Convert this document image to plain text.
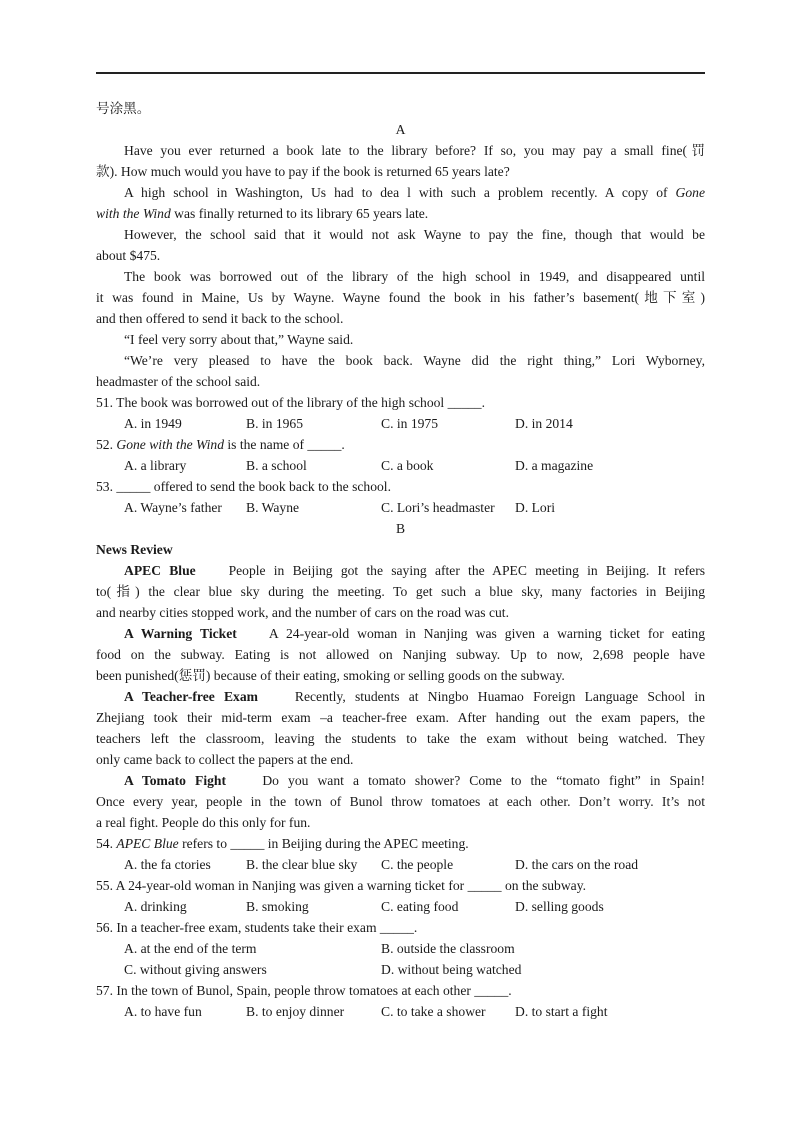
号涂黑。
A
Have you ever returned a book late to the library before? If so, you may pay a small fine(罚
款). How much would you have to pay if the book is returned 65 years late?
A high school in Washington, Us had to dea l with such a problem recently. A copy of Gone
with the Wind was finally returned to its library 65 years late.
However, the school said that it would not ask Wayne to pay the fine, though that would be
about $475.
The book was borrowed out of the library of the high school in 1949, and disappeared until
it was found in Maine, Us by Wayne. Wayne found the book in his father’s basement(地下室)
and then offered to send it back to the school.
“I feel very sorry about that,” Wayne said.
“We’re very pleased to have the book back. Wayne did the right thing,” Lori Wyborney,
headmaster of the school said.
51. The book was borrowed out of the library of the high school _____.
A. in 1949	B. in 1965	C. in 1975	D. in 2014
52. Gone with the Wind is the name of _____.
A. a library	B. a school	C. a book	D. a magazine
53. _____ offered to send the book back to the school.
A. Wayne’s father B. Wayne	C. Lori’s headmaster D. Lori
B
News Review
APEC Blue People in Beijing got the saying after the APEC meeting in Beijing. It refers
to(指) the clear blue sky during the meeting. To get such a blue sky, many factories in Beijing
and nearby cities stopped work, and the number of cars on the road was cut.
A Warning Ticket A 24-year-old woman in Nanjing was given a warning ticket for eating
food on the subway. Eating is not allowed on Nanjing subway. Up to now, 2,698 people have
been punished(惩罚) because of their eating, smoking or selling goods on the subway.
A Teacher-free Exam	Recently, students at Ningbo Huamao Foreign Language School in
Zhejiang took their mid-term exam –a teacher-free exam. After handing out the exam papers, the
teachers left the classroom, leaving the students to take the exam without being watched. They
only came back to collect the papers at the end.
A Tomato Fight	Do you want a tomato shower? Come to the “tomato fight” in Spain!
Once every year, people in the town of Bunol throw tomatoes at each other. Don’t worry. It’s not
a real fight. People do this only for fun.
54. APEC Blue refers to _____ in Beijing during the APEC meeting.
A. the fa ctories	B. the clear blue sky C. the people	D. the cars on the road
55. A 24-year-old woman in Nanjing was given a warning ticket for _____ on the subway.
A. drinking	B. smoking	C. eating food	D. selling goods
56. In a teacher-free exam, students take their exam _____.
A. at the end of the term	B. outside the classroom
C. without giving answers	D. without being watched
57. In the town of Bunol, Spain, people throw tomatoes at each other _____.
A. to have fun	B. to enjoy dinner	C. to take a shower D. to start a fight
